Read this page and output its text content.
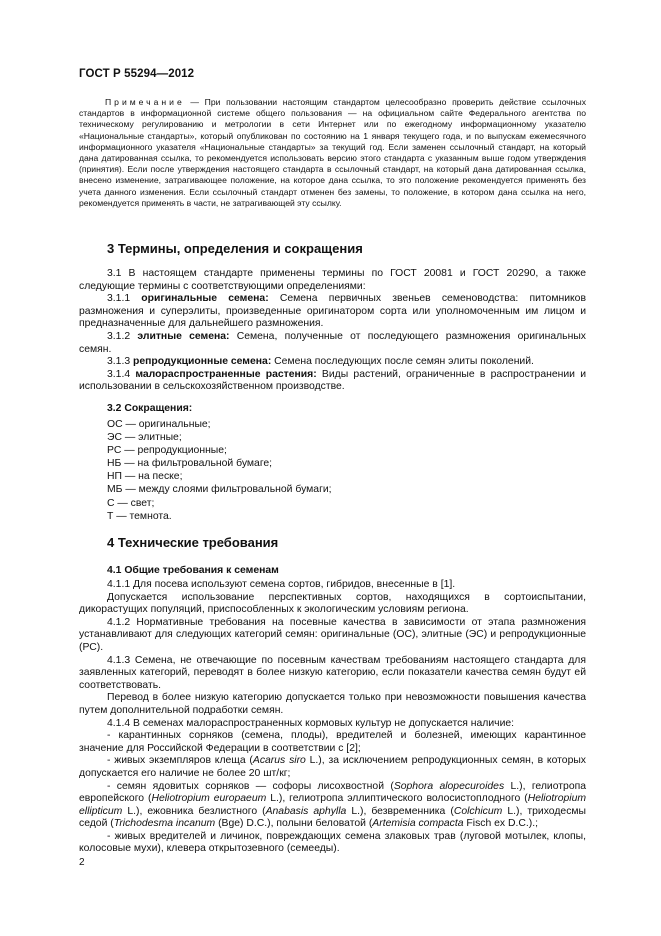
ГОСТ Р 55294—2012
Примечание — При пользовании настоящим стандартом целесообразно проверить действие ссылочных стандартов в информационной системе общего пользования — на официальном сайте Федерального агентства по техническому регулированию и метрологии в сети Интернет или по ежегодному информационному указателю «Национальные стандарты», который опубликован по состоянию на 1 января текущего года, и по выпускам ежемесячного информационного указателя «Национальные стандарты» за текущий год. Если заменен ссылочный стандарт, на который дана датированная ссылка, то рекомендуется использовать версию этого стандарта с указанным выше годом утверждения (принятия). Если после утверждения настоящего стандарта в ссылочный стандарт, на который дана датированная ссылка, внесено изменение, затрагивающее положение, на которое дана ссылка, то это положение рекомендуется применять без учета данного изменения. Если ссылочный стандарт отменен без замены, то положение, в котором дана ссылка на него, рекомендуется применять в части, не затрагивающей эту ссылку.
3 Термины, определения и сокращения

3.1 В настоящем стандарте применены термины по ГОСТ 20081 и ГОСТ 20290, а также следующие термины с соответствующими определениями:

3.1.1 оригинальные семена: Семена первичных звеньев семеноводства: питомников размножения и суперэлиты, произведенные оригинатором сорта или уполномоченным им лицом и предназначенные для дальнейшего размножения.

3.1.2 элитные семена: Семена, полученные от последующего размножения оригинальных семян.

3.1.3 репродукционные семена: Семена последующих после семян элиты поколений.

3.1.4 малораспространенные растения: Виды растений, ограниченные в распространении и использовании в сельскохозяйственном производстве.

3.2 Сокращения:
ОС — оригинальные;
ЭС — элитные;
РС — репродукционные;
НБ — на фильтровальной бумаге;
НП — на песке;
МБ — между слоями фильтровальной бумаги;
С — свет;
Т — темнота.
4 Технические требования
4.1 Общие требования к семенам

4.1.1 Для посева используют семена сортов, гибридов, внесенные в [1].

Допускается использование перспективных сортов, находящихся в сортоиспытании, дикорастущих популяций, приспособленных к экологическим условиям региона.

4.1.2 Нормативные требования на посевные качества в зависимости от этапа размножения устанавливают для следующих категорий семян: оригинальные (ОС), элитные (ЭС) и репродукционные (РС).

4.1.3 Семена, не отвечающие по посевным качествам требованиям настоящего стандарта для заявленных категорий, переводят в более низкую категорию, если показатели качества семян будут ей соответствовать.

Перевод в более низкую категорию допускается только при невозможности повышения качества путем дополнительной подработки семян.

4.1.4 В семенах малораспространенных кормовых культур не допускается наличие:

- карантинных сорняков (семена, плоды), вредителей и болезней, имеющих карантинное значение для Российской Федерации в соответствии с [2];

- живых экземпляров клеща (Acarus siro L.), за исключением репродукционных семян, в которых допускается его наличие не более 20 шт/кг;

- семян ядовитых сорняков — софоры лисохвостной (Sophora alopecuroides L.), гелиотропа европейского (Heliotropium europaeum L.), гелиотропа эллиптического волосистоплодного (Heliotropium ellipticum L.), ежовника безлистного (Anabasis aphylla L.), безвременника (Colchicum L.), триходесмы седой (Trichodesma incanum (Bge) D.C.), полыни беловатой (Artemisia compacta Fisch ex D.C.).;

- живых вредителей и личинок, повреждающих семена злаковых трав (луговой мотылек, клопы, колосовые мухи), клевера открытозевного (семееды).

2
